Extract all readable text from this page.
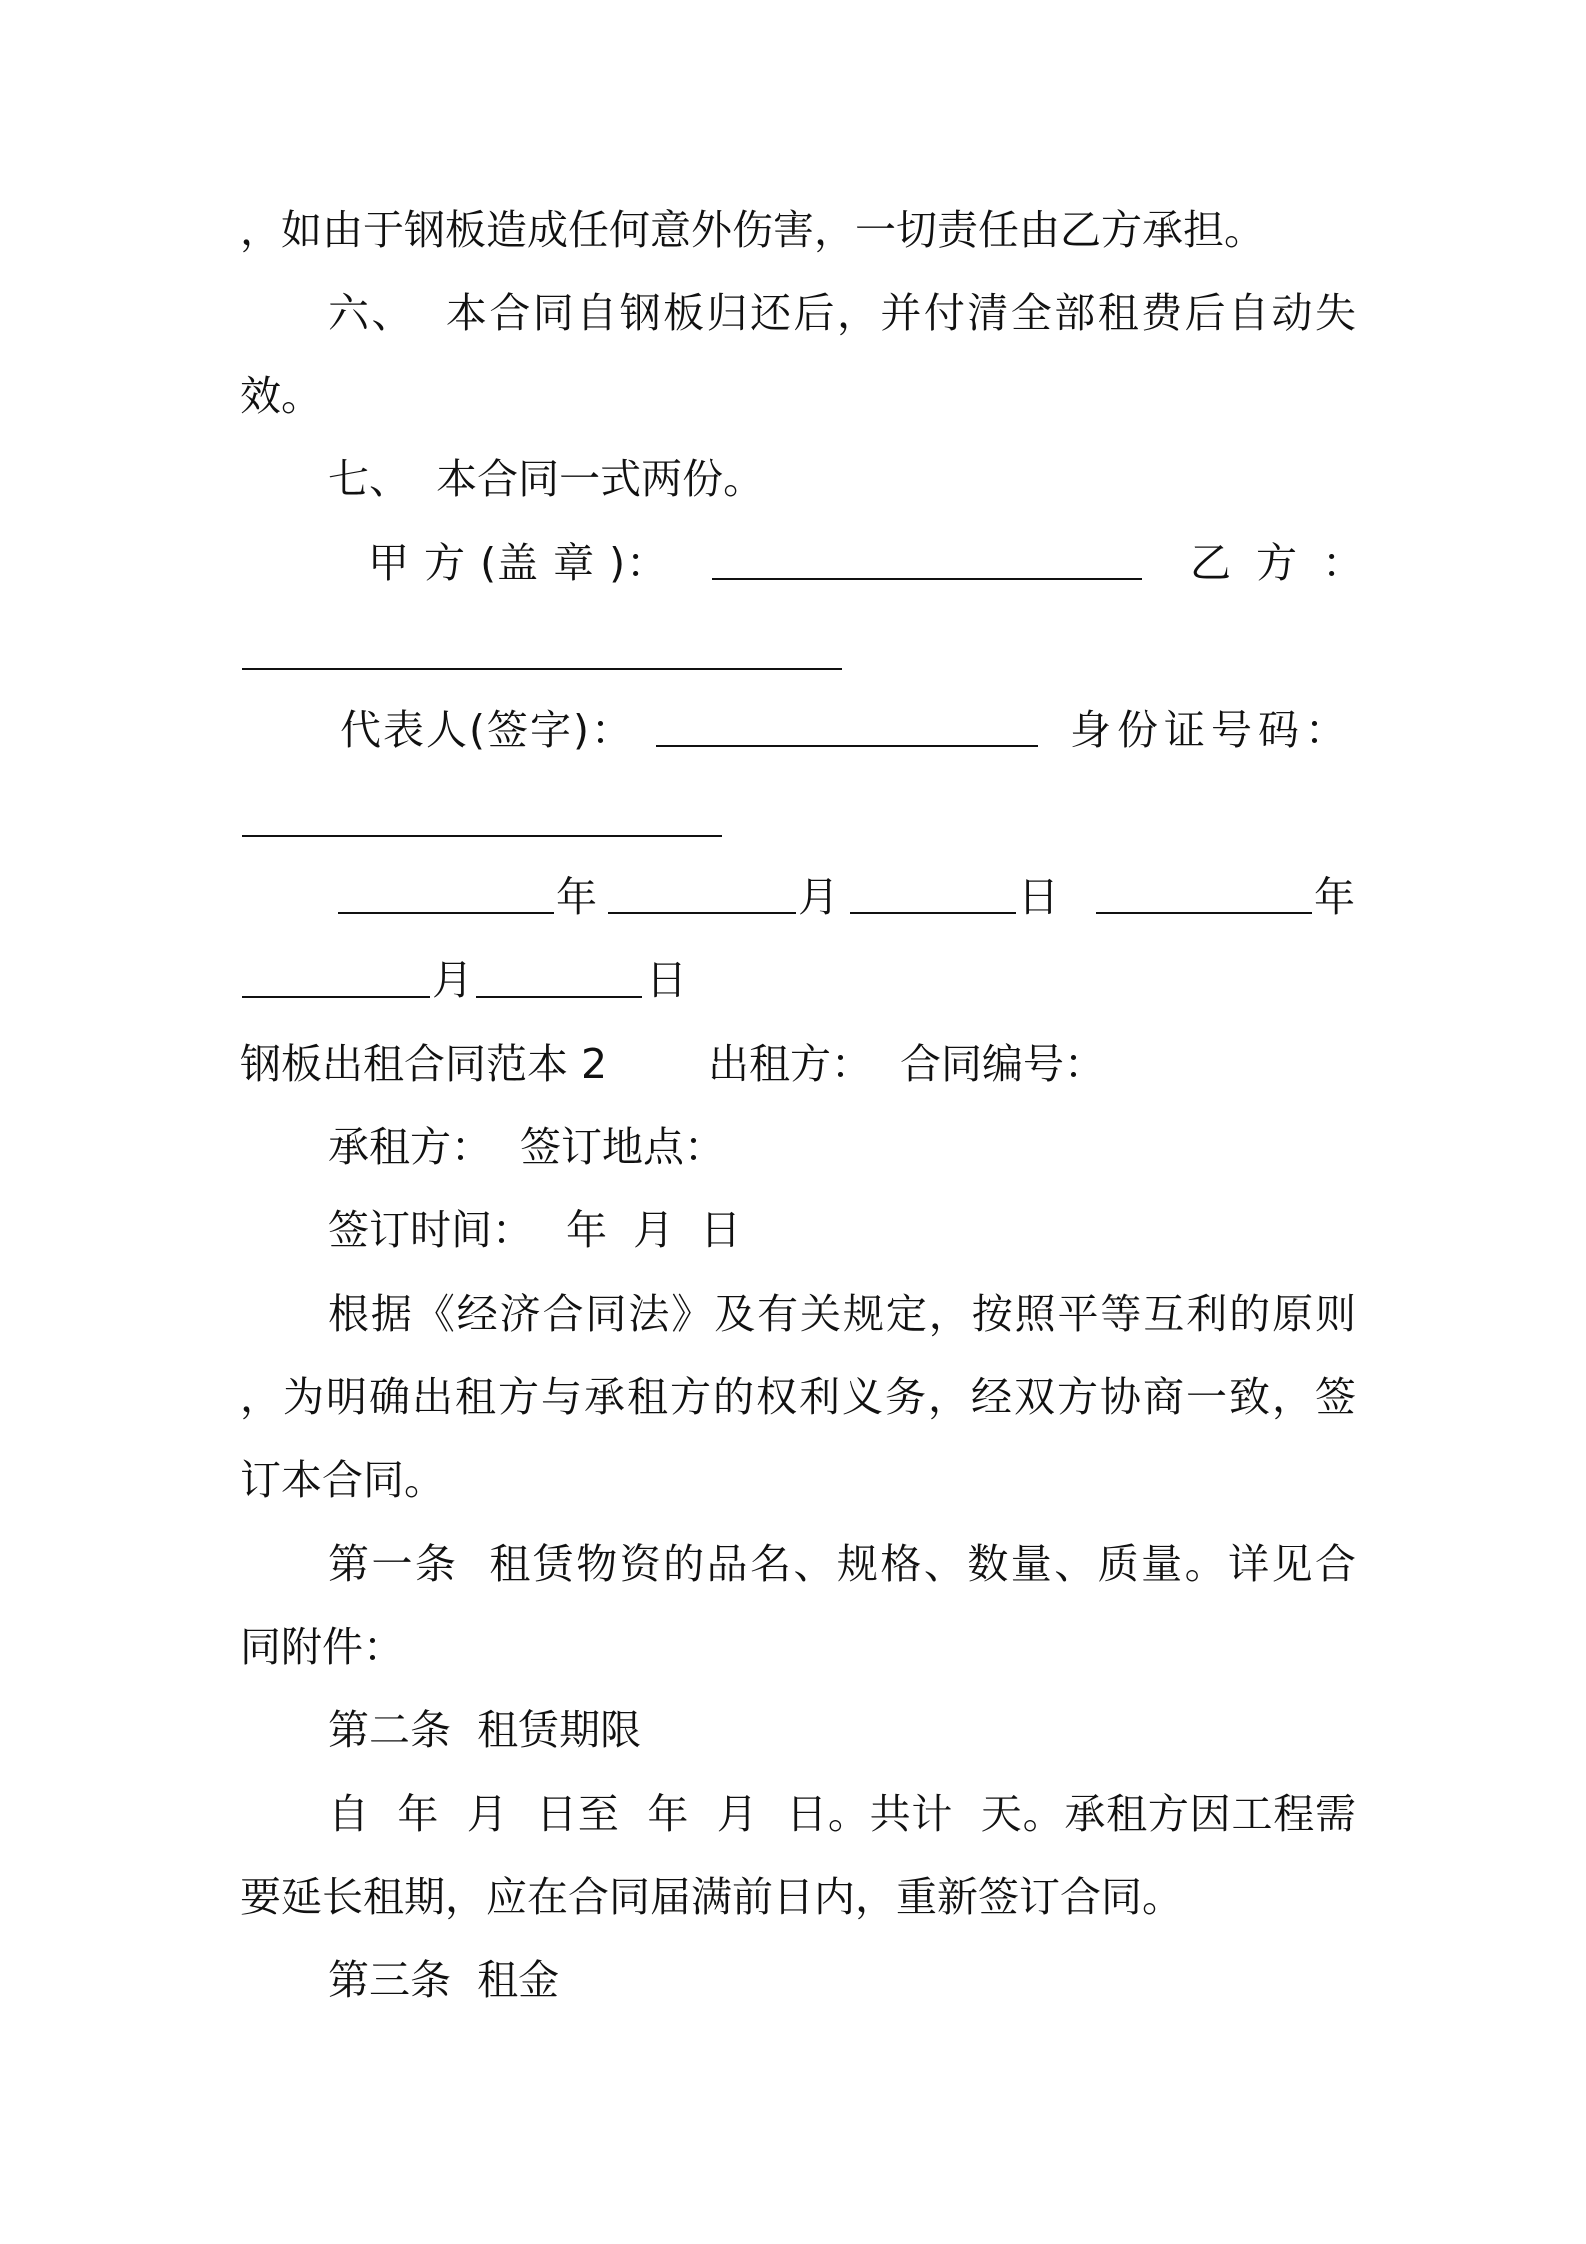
，如由于钢板造成任何意外伤害，一切责任由乙方承担。
六、  本合同自钢板归还后，并付清全部租费后自动失
效。
七、  本合同一式两份。
甲 方 (盖 章 )：	乙 方 ：
代表人(签字)：	身份证号码：
年	月	日	年
月	日
钢板出租合同范本 2 出租方： 合同编号：
承租方： 签订地点：
签订时间： 年  月  日
根据《经济合同法》及有关规定，按照平等互利的原则
，为明确出租方与承租方的权利义务，经双方协商一致，签
订本合同。
第一条  租赁物资的品名、规格、数量、质量。详见合
同附件：
第二条  租赁期限
自  年  月  日至  年  月  日。共计  天。承租方因工程需
要延长租期，应在合同届满前日内，重新签订合同。
第三条  租金
